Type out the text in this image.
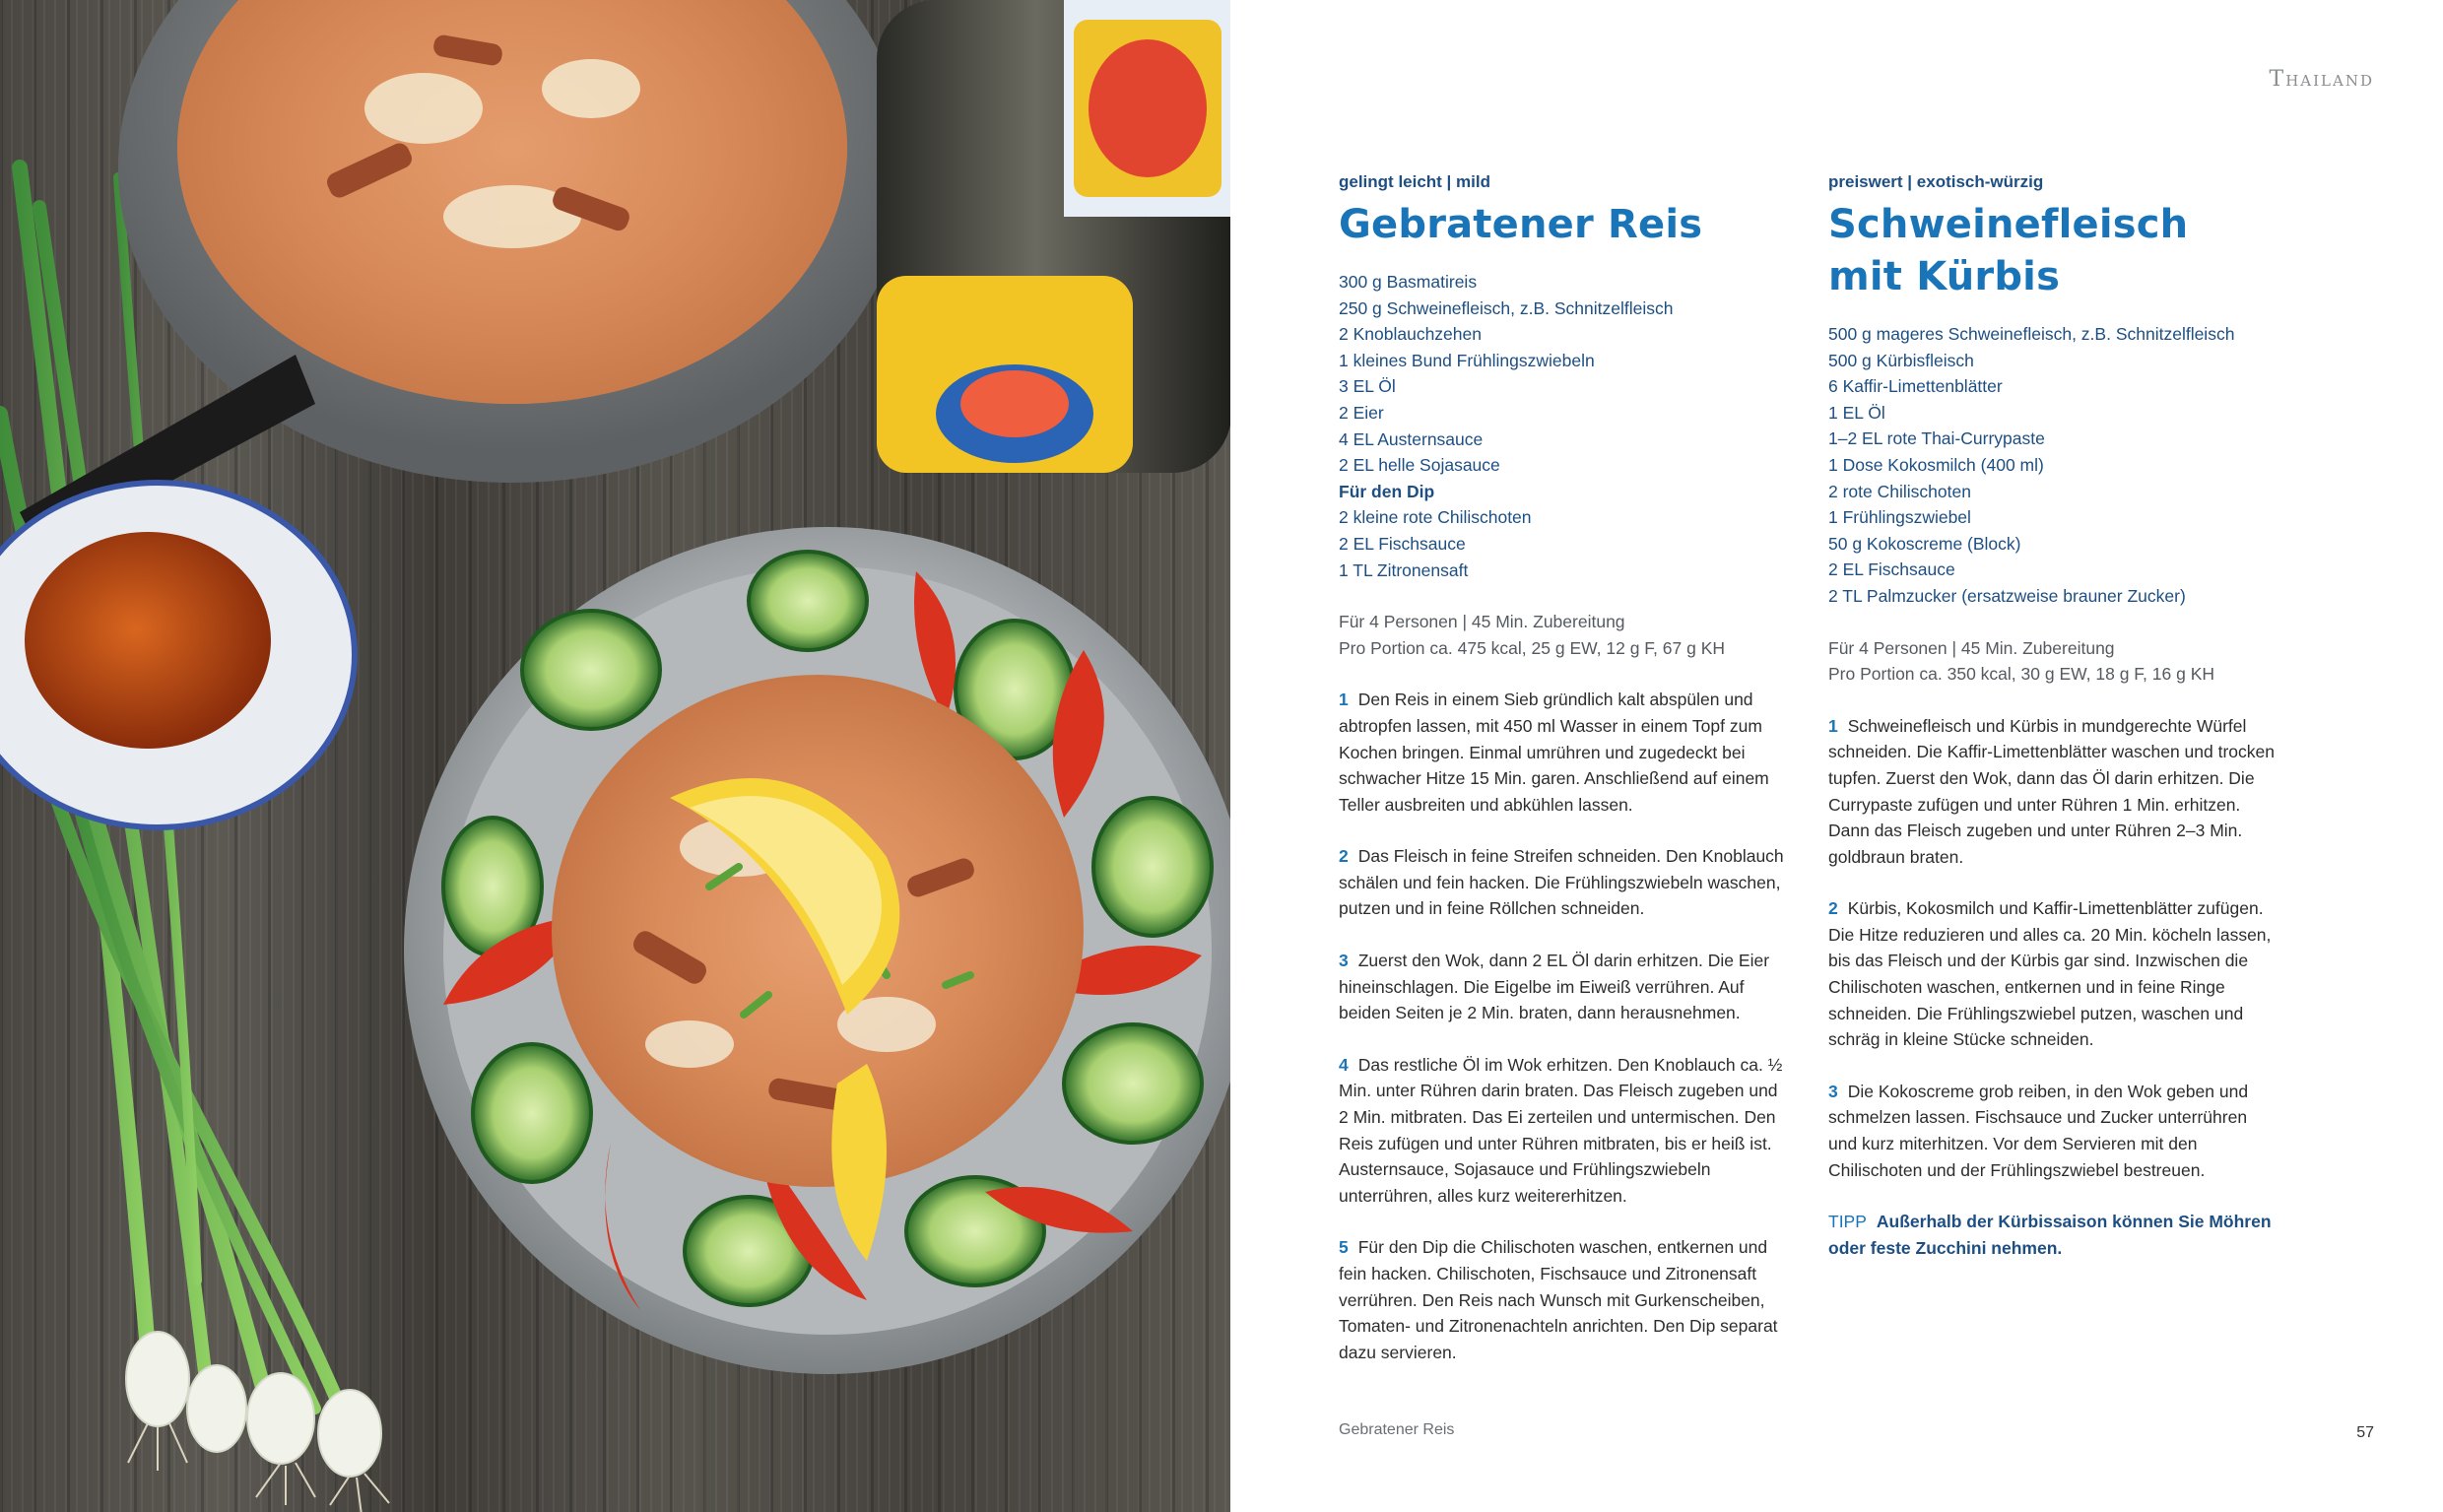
Thailand
gelingt leicht | mild
Gebratener Reis
300 g Basmatireis
250 g Schweinefleisch, z.B. Schnitzelfleisch
2 Knoblauchzehen
1 kleines Bund Frühlingszwiebeln
3 EL Öl
2 Eier
4 EL Austernsauce
2 EL helle Sojasauce
Für den Dip
2 kleine rote Chilischoten
2 EL Fischsauce
1 TL Zitronensaft
Für 4 Personen | 45 Min. Zubereitung
Pro Portion ca. 475 kcal, 25 g EW, 12 g F, 67 g KH
1 Den Reis in einem Sieb gründlich kalt abspülen und abtropfen lassen, mit 450 ml Wasser in einem Topf zum Kochen bringen. Einmal umrühren und zugedeckt bei schwacher Hitze 15 Min. garen. Anschließend auf einem Teller ausbreiten und abkühlen lassen.
2 Das Fleisch in feine Streifen schneiden. Den Knoblauch schälen und fein hacken. Die Frühlingszwiebeln waschen, putzen und in feine Röllchen schneiden.
3 Zuerst den Wok, dann 2 EL Öl darin erhitzen. Die Eier hineinschlagen. Die Eigelbe im Eiweiß verrühren. Auf beiden Seiten je 2 Min. braten, dann herausnehmen.
4 Das restliche Öl im Wok erhitzen. Den Knoblauch ca. ½ Min. unter Rühren darin braten. Das Fleisch zugeben und 2 Min. mitbraten. Das Ei zerteilen und untermischen. Den Reis zufügen und unter Rühren mitbraten, bis er heiß ist. Austernsauce, Sojasauce und Frühlingszwiebeln unterrühren, alles kurz weitererhitzen.
5 Für den Dip die Chilischoten waschen, entkernen und fein hacken. Chilischoten, Fischsauce und Zitronensaft verrühren. Den Reis nach Wunsch mit Gurkenscheiben, Tomaten- und Zitronenachteln anrichten. Den Dip separat dazu servieren.
preiswert | exotisch-würzig
Schweinefleisch
mit Kürbis
500 g mageres Schweinefleisch, z.B. Schnitzelfleisch
500 g Kürbisfleisch
6 Kaffir-Limettenblätter
1 EL Öl
1–2 EL rote Thai-Currypaste
1 Dose Kokosmilch (400 ml)
2 rote Chilischoten
1 Frühlingszwiebel
50 g Kokoscreme (Block)
2 EL Fischsauce
2 TL Palmzucker (ersatzweise brauner Zucker)
Für 4 Personen | 45 Min. Zubereitung
Pro Portion ca. 350 kcal, 30 g EW, 18 g F, 16 g KH
1 Schweinefleisch und Kürbis in mundgerechte Würfel schneiden. Die Kaffir-Limettenblätter waschen und trocken tupfen. Zuerst den Wok, dann das Öl darin erhitzen. Die Currypaste zufügen und unter Rühren 1 Min. erhitzen. Dann das Fleisch zugeben und unter Rühren 2–3 Min. goldbraun braten.
2 Kürbis, Kokosmilch und Kaffir-Limettenblätter zufügen. Die Hitze reduzieren und alles ca. 20 Min. köcheln lassen, bis das Fleisch und der Kürbis gar sind. Inzwischen die Chilischoten waschen, entkernen und in feine Ringe schneiden. Die Frühlingszwiebel putzen, waschen und schräg in kleine Stücke schneiden.
3 Die Kokoscreme grob reiben, in den Wok geben und schmelzen lassen. Fischsauce und Zucker unterrühren und kurz miterhitzen. Vor dem Servieren mit den Chilischoten und der Frühlingszwiebel bestreuen.
TIPP Außerhalb der Kürbissaison können Sie Möhren oder feste Zucchini nehmen.
Gebratener Reis	57
